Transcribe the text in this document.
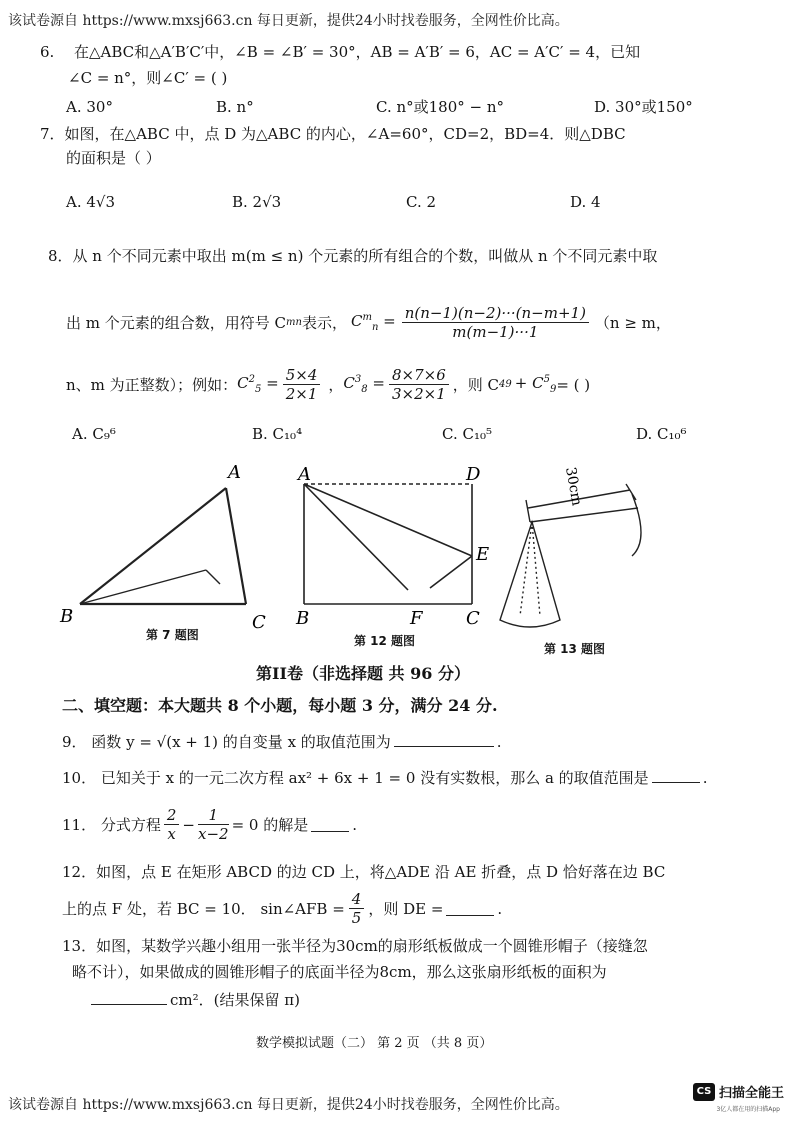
该试卷源自 https://www.mxsj663.cn 每日更新，提供24小时找卷服务，全网性价比高。
6. 在△ABC和△A′B′C′中，∠B = ∠B′ = 30°，AB = A′B′ = 6，AC = A′C′ = 4，已知
∠C = n°，则∠C′ = ( )
A. 30°	B. n°	C. n°或180° − n°	D. 30°或150°
7．如图，在△ABC 中，点 D 为△ABC 的内心，∠A=60°，CD=2，BD=4．则△DBC
的面积是（ ）
A. 4√3	B. 2√3	C. 2	D. 4
8．从 n 个不同元素中取出 m(m ≤ n) 个元素的所有组合的个数，叫做从 n 个不同元素中取
出 m 个元素的组合数，用符号 C m n 表示， $C^m_n = \frac{n(n-1)(n-2)\cdot\cdot\cdot(n-m+1)}{m(m-1)\cdot\cdot\cdot 1} (n \ge m$，
n、m 为正整数）；例如： $C^2_5 = \frac{5\times 4}{2\times 1}$ ， $C^3_8 = \frac{8\times 7\times 6}{3\times 2\times 1}$ ，则 C 4 $9 + C^5_9$ = ( )
A. C₉⁶	B. C₁₀⁴	C. C₁₀⁵	D. C₁₀⁶
A
B	C
A	D
E
B	F C
30cm
第 7 题图	第 12 题图
第 13 题图
第II卷（非选择题 共 96 分）
二、填空题：本大题共 8 个小题，每小题 3 分，满分 24 分.
9． 函数 y = √(x + 1) 的自变量 x 的取值范围为	.
10． 已知关于 x 的一元二次方程 ax² + 6x + 1 = 0 没有实数根，那么 a 的取值范围是	.
11． 分式方程 $\frac{2}{x} - \frac{1}{x-2} = 0$ 的解是	.
12．如图，点 E 在矩形 ABCD 的边 CD 上，将△ADE 沿 AE 折叠，点 D 恰好落在边 BC
上的点 F 处，若 BC = 10． sin∠AFB = $\frac{4}{5}$ ，则 DE =	.
13．如图，某数学兴趣小组用一张半径为30cm的扇形纸板做成一个圆锥形帽子（接缝忽
略不计），如果做成的圆锥形帽子的底面半径为8cm，那么这张扇形纸板的面积为
cm²．(结果保留 π)
数学模拟试题（二） 第 2 页 （共 8 页）
该试卷源自 https://www.mxsj663.cn 每日更新，提供24小时找卷服务，全网性价比高。
CS 扫描全能王
3亿人都在用的扫描App
